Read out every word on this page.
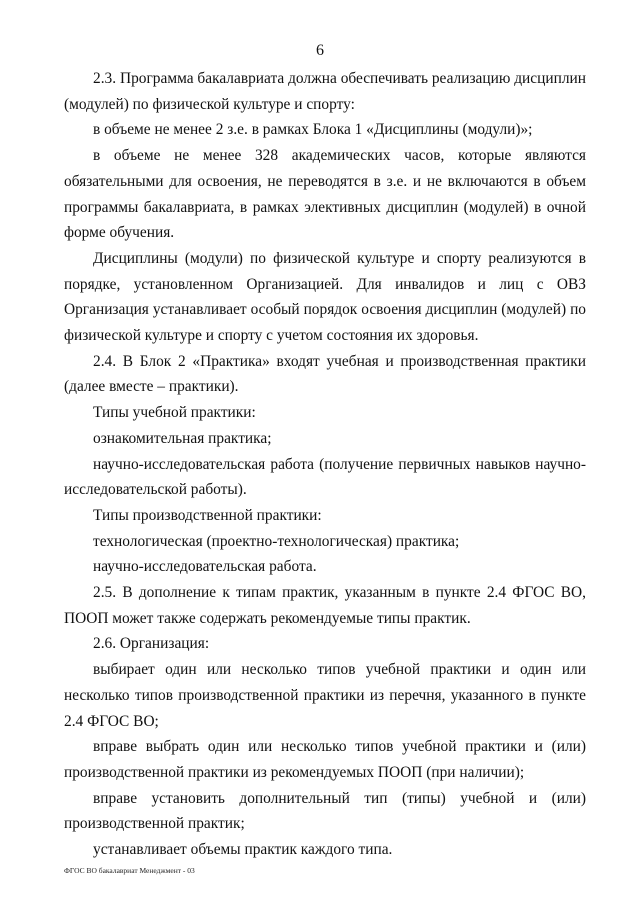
6

2.3. Программа бакалавриата должна обеспечивать реализацию дисциплин (модулей) по физической культуре и спорту:

в объеме не менее 2 з.е. в рамках Блока 1 «Дисциплины (модули)»;

в объеме не менее 328 академических часов, которые являются обязательными для освоения, не переводятся в з.е. и не включаются в объем программы бакалавриата, в рамках элективных дисциплин (модулей) в очной форме обучения.

Дисциплины (модули) по физической культуре и спорту реализуются в порядке, установленном Организацией. Для инвалидов и лиц с ОВЗ Организация устанавливает особый порядок освоения дисциплин (модулей) по физической культуре и спорту с учетом состояния их здоровья.

2.4. В Блок 2 «Практика» входят учебная и производственная практики (далее вместе – практики).

Типы учебной практики:

ознакомительная практика;

научно-исследовательская работа (получение первичных навыков научно-исследовательской работы).

Типы производственной практики:

технологическая (проектно-технологическая) практика;

научно-исследовательская работа.

2.5. В дополнение к типам практик, указанным в пункте 2.4 ФГОС ВО, ПООП может также содержать рекомендуемые типы практик.

2.6. Организация:

выбирает один или несколько типов учебной практики и один или несколько типов производственной практики из перечня, указанного в пункте 2.4 ФГОС ВО;

вправе выбрать один или несколько типов учебной практики и (или) производственной практики из рекомендуемых ПООП (при наличии);

вправе установить дополнительный тип (типы) учебной и (или) производственной практик;

устанавливает объемы практик каждого типа.

ФГОС ВО бакалавриат Менеджмент - 03
